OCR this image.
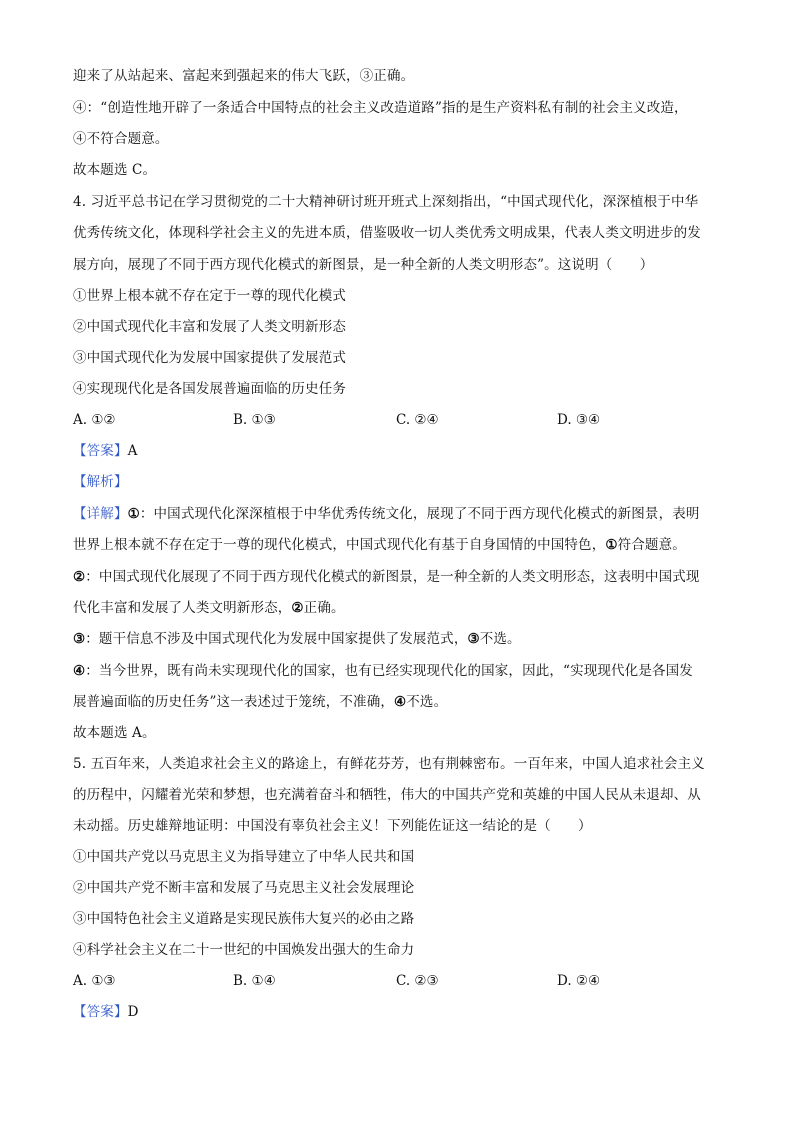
迎来了从站起来、富起来到强起来的伟大飞跃，③正确。
④：“创造性地开辟了一条适合中国特点的社会主义改造道路”指的是生产资料私有制的社会主义改造，
④不符合题意。
故本题选 C。
4. 习近平总书记在学习贯彻党的二十大精神研讨班开班式上深刻指出，“中国式现代化，深深植根于中华
优秀传统文化，体现科学社会主义的先进本质，借鉴吸收一切人类优秀文明成果，代表人类文明进步的发
展方向，展现了不同于西方现代化模式的新图景，是一种全新的人类文明形态”。这说明（　　）
①世界上根本就不存在定于一尊的现代化模式
②中国式现代化丰富和发展了人类文明新形态
③中国式现代化为发展中国家提供了发展范式
④实现现代化是各国发展普遍面临的历史任务
A. ①②	B. ①③	C. ②④	D. ③④
【答案】A
【解析】
【详解】①：中国式现代化深深植根于中华优秀传统文化，展现了不同于西方现代化模式的新图景，表明
世界上根本就不存在定于一尊的现代化模式，中国式现代化有基于自身国情的中国特色，①符合题意。
②：中国式现代化展现了不同于西方现代化模式的新图景，是一种全新的人类文明形态，这表明中国式现
代化丰富和发展了人类文明新形态，②正确。
③：题干信息不涉及中国式现代化为发展中国家提供了发展范式，③不选。
④：当今世界，既有尚未实现现代化的国家，也有已经实现现代化的国家，因此，“实现现代化是各国发
展普遍面临的历史任务”这一表述过于笼统，不准确，④不选。
故本题选 A。
5. 五百年来，人类追求社会主义的路途上，有鲜花芬芳，也有荆棘密布。一百年来，中国人追求社会主义
的历程中，闪耀着光荣和梦想，也充满着奋斗和牺牲，伟大的中国共产党和英雄的中国人民从未退却、从
未动摇。历史雄辩地证明：中国没有辜负社会主义！下列能佐证这一结论的是（　　）
①中国共产党以马克思主义为指导建立了中华人民共和国
②中国共产党不断丰富和发展了马克思主义社会发展理论
③中国特色社会主义道路是实现民族伟大复兴的必由之路
④科学社会主义在二十一世纪的中国焕发出强大的生命力
A. ①③	B. ①④	C. ②③	D. ②④
【答案】D
